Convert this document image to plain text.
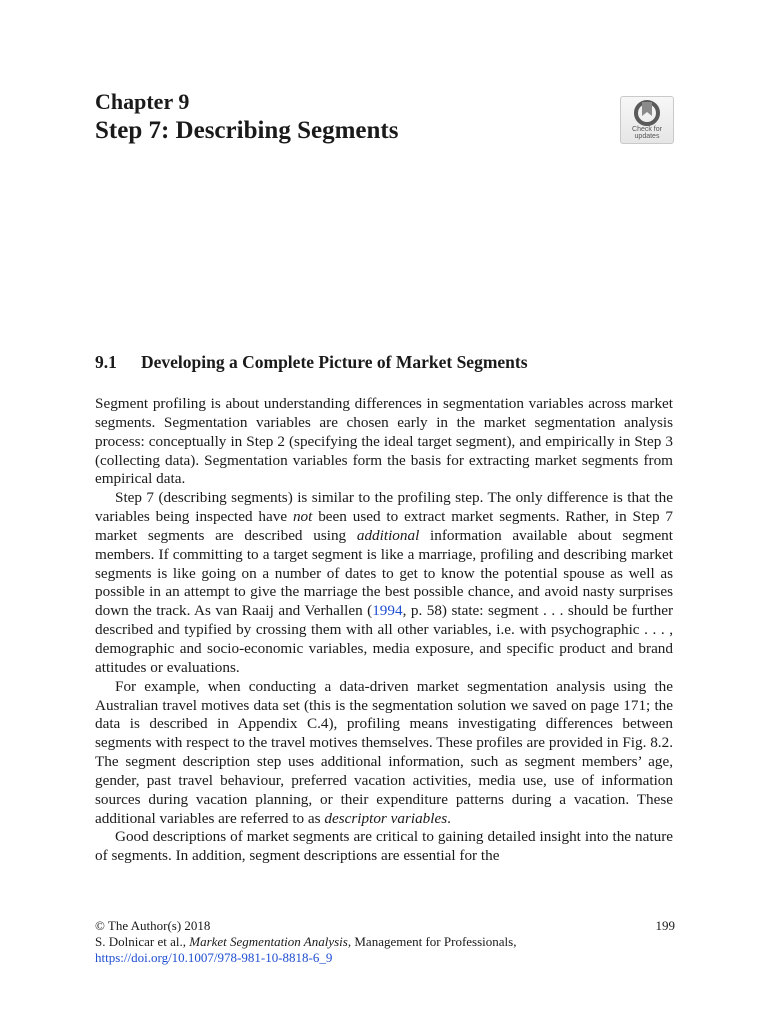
Chapter 9
Step 7: Describing Segments	Check for
updates
9.1 Developing a Complete Picture of Market Segments

Segment profiling is about understanding differences in segmentation variables across market segments. Segmentation variables are chosen early in the market segmentation analysis process: conceptually in Step 2 (specifying the ideal target segment), and empirically in Step 3 (collecting data). Segmentation variables form the basis for extracting market segments from empirical data.

Step 7 (describing segments) is similar to the profiling step. The only difference is that the variables being inspected have not been used to extract market segments. Rather, in Step 7 market segments are described using additional information available about segment members. If committing to a target segment is like a marriage, profiling and describing market segments is like going on a number of dates to get to know the potential spouse as well as possible in an attempt to give the marriage the best possible chance, and avoid nasty surprises down the track. As van Raaij and Verhallen (1994, p. 58) state: segment . . . should be further described and typified by crossing them with all other variables, i.e. with psychographic . . . , demographic and socio-economic variables, media exposure, and specific product and brand attitudes or evaluations.

For example, when conducting a data-driven market segmentation analysis using the Australian travel motives data set (this is the segmentation solution we saved on page 171; the data is described in Appendix C.4), profiling means investigating differences between segments with respect to the travel motives themselves. These profiles are provided in Fig. 8.2. The segment description step uses additional information, such as segment members’ age, gender, past travel behaviour, preferred vacation activities, media use, use of information sources during vacation planning, or their expenditure patterns during a vacation. These additional variables are referred to as descriptor variables.

Good descriptions of market segments are critical to gaining detailed insight into the nature of segments. In addition, segment descriptions are essential for the

© The Author(s) 2018	199
S. Dolnicar et al., Market Segmentation Analysis, Management for Professionals,
https://doi.org/10.1007/978-981-10-8818-6_9
